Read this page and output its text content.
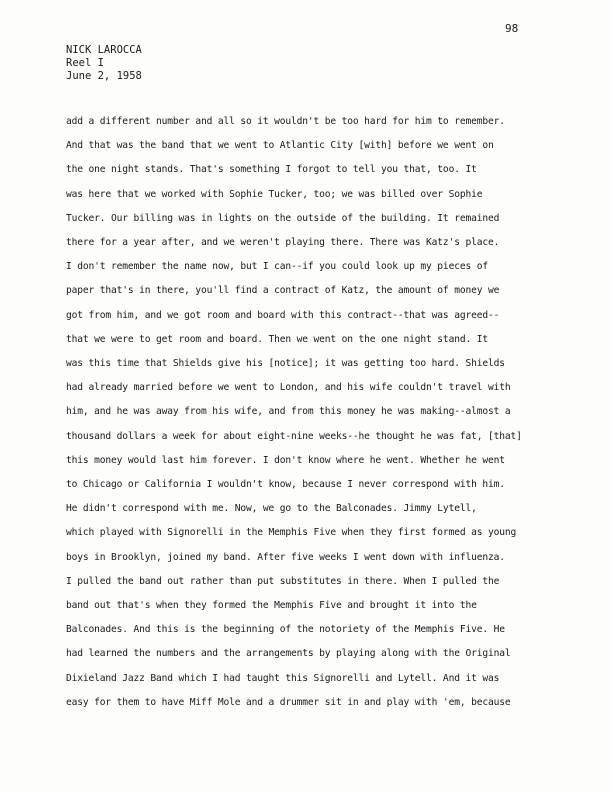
98
NICK LAROCCA
Reel I
June 2, 1958
add a different number and all so it wouldn't be too hard for him to remember.
And that was the band that we went to Atlantic City [with] before we went on
the one night stands. That's something I forgot to tell you that, too. It
was here that we worked with Sophie Tucker, too; we was billed over Sophie
Tucker. Our billing was in lights on the outside of the building. It remained
there for a year after, and we weren't playing there. There was Katz's place.
I don't remember the name now, but I can--if you could look up my pieces of
paper that's in there, you'll find a contract of Katz, the amount of money we
got from him, and we got room and board with this contract--that was agreed--
that we were to get room and board. Then we went on the one night stand. It
was this time that Shields give his [notice]; it was getting too hard. Shields
had already married before we went to London, and his wife couldn't travel with
him, and he was away from his wife, and from this money he was making--almost a
thousand dollars a week for about eight-nine weeks--he thought he was fat, [that]
this money would last him forever. I don't know where he went. Whether he went
to Chicago or California I wouldn't know, because I never correspond with him.
He didn't correspond with me. Now, we go to the Balconades. Jimmy Lytell,
which played with Signorelli in the Memphis Five when they first formed as young
boys in Brooklyn, joined my band. After five weeks I went down with influenza.
I pulled the band out rather than put substitutes in there. When I pulled the
band out that's when they formed the Memphis Five and brought it into the
Balconades. And this is the beginning of the notoriety of the Memphis Five. He
had learned the numbers and the arrangements by playing along with the Original
Dixieland Jazz Band which I had taught this Signorelli and Lytell. And it was
easy for them to have Miff Mole and a drummer sit in and play with 'em, because
